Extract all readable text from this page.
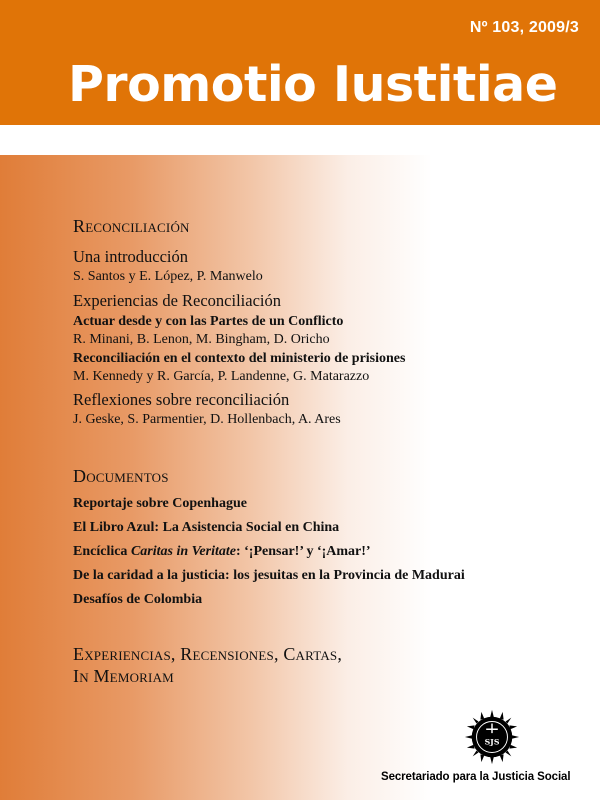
Nº 103, 2009/3
Promotio Iustitiae
Reconciliación
Una introducción
S. Santos y E. López, P. Manwelo
Experiencias de Reconciliación
Actuar desde y con las Partes de un Conflicto
R. Minani, B. Lenon, M. Bingham, D. Oricho
Reconciliación en el contexto del ministerio de prisiones
M. Kennedy y R. García, P. Landenne, G. Matarazzo
Reflexiones sobre reconciliación
J. Geske, S. Parmentier, D. Hollenbach, A. Ares
Documentos
Reportaje sobre Copenhague
El Libro Azul: La Asistencia Social en China
Encíclica Caritas in Veritate: ‘¡Pensar!’ y ‘¡Amar!’
De la caridad a la justicia: los jesuitas en la Provincia de Madurai
Desafíos de Colombia
Experiencias, Recensiones, Cartas,
In Memoriam
SJS
Secretariado para la Justicia Social
